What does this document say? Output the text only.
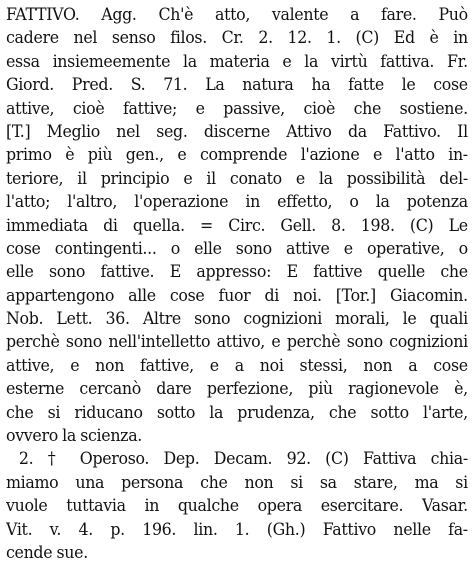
FATTIVO. Agg. Ch'è atto, valente a fare. Può
cadere nel senso filos. Cr. 2. 12. 1. (C) Ed è in
essa insiemeemente la materia e la virtù fattiva. Fr.
Giord. Pred. S. 71. La natura ha fatte le cose
attive, cioè fattive; e passive, cioè che sostiene.
[T.] Meglio nel seg. discerne Attivo da Fattivo. Il
primo è più gen., e comprende l'azione e l'atto in-
teriore, il principio e il conato e la possibilità del-
l'atto; l'altro, l'operazione in effetto, o la potenza
immediata di quella. = Circ. Gell. 8. 198. (C) Le
cose contingenti... o elle sono attive e operative, o
elle sono fattive. E appresso: E fattive quelle che
appartengono alle cose fuor di noi. [Tor.] Giacomin.
Nob. Lett. 36. Altre sono cognizioni morali, le quali
perchè sono nell'intelletto attivo, e perchè sono cognizioni
attive, e non fattive, e a noi stessi, non a cose
esterne cercanò dare perfezione, più ragionevole è,
che si riducano sotto la prudenza, che sotto l'arte,
ovvero la scienza.
2. † Operoso. Dep. Decam. 92. (C) Fattiva chia-
miamo una persona che non si sa stare, ma si
vuole tuttavia in qualche opera esercitare. Vasar.
Vit. v. 4. p. 196. lin. 1. (Gh.) Fattivo nelle fa-
cende sue.
